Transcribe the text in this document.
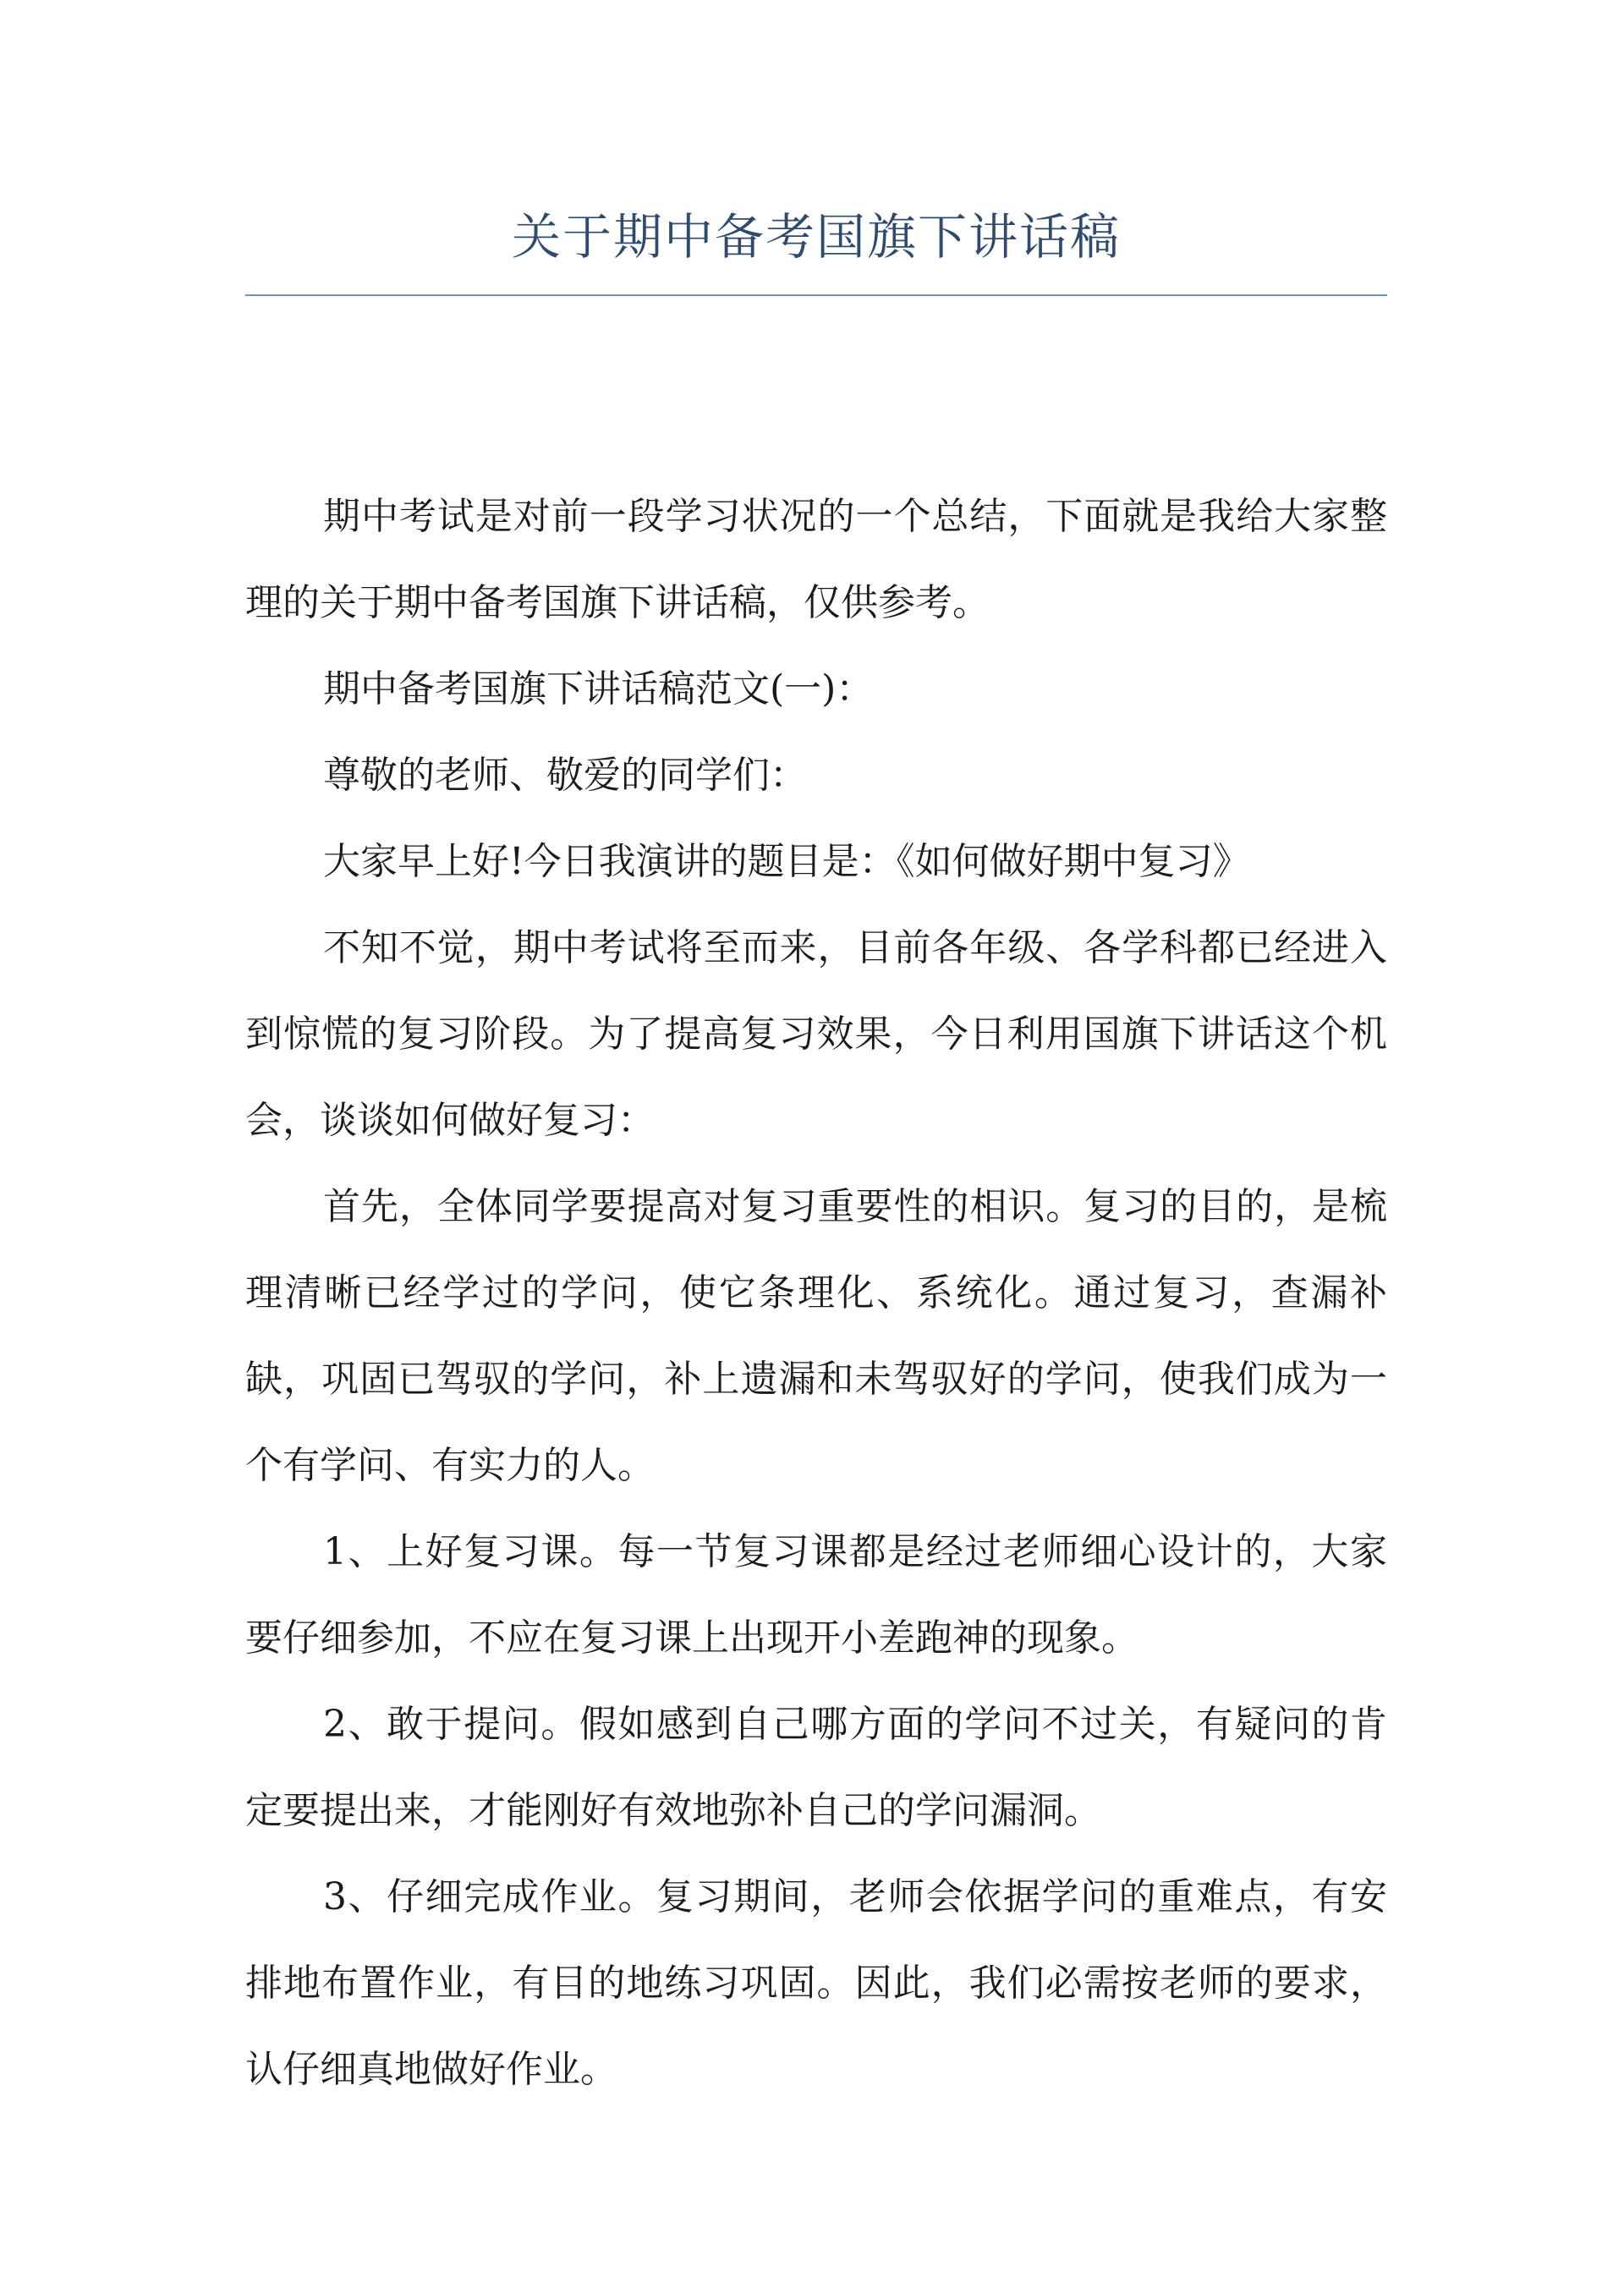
关于期中备考国旗下讲话稿

期中考试是对前一段学习状况的一个总结，下面就是我给大家整理的关于期中备考国旗下讲话稿，仅供参考。

期中备考国旗下讲话稿范文(一)：

尊敬的老师、敬爱的同学们：

大家早上好!今日我演讲的题目是：《如何做好期中复习》

不知不觉，期中考试将至而来，目前各年级、各学科都已经进入到惊慌的复习阶段。为了提高复习效果，今日利用国旗下讲话这个机会，谈谈如何做好复习：

首先，全体同学要提高对复习重要性的相识。复习的目的，是梳理清晰已经学过的学问，使它条理化、系统化。通过复习，查漏补缺，巩固已驾驭的学问，补上遗漏和未驾驭好的学问，使我们成为一个有学问、有实力的人。

1、上好复习课。每一节复习课都是经过老师细心设计的，大家要仔细参加，不应在复习课上出现开小差跑神的现象。

2、敢于提问。假如感到自己哪方面的学问不过关，有疑问的肯定要提出来，才能刚好有效地弥补自己的学问漏洞。

3、仔细完成作业。复习期间，老师会依据学问的重难点，有安排地布置作业，有目的地练习巩固。因此，我们必需按老师的要求，认仔细真地做好作业。
